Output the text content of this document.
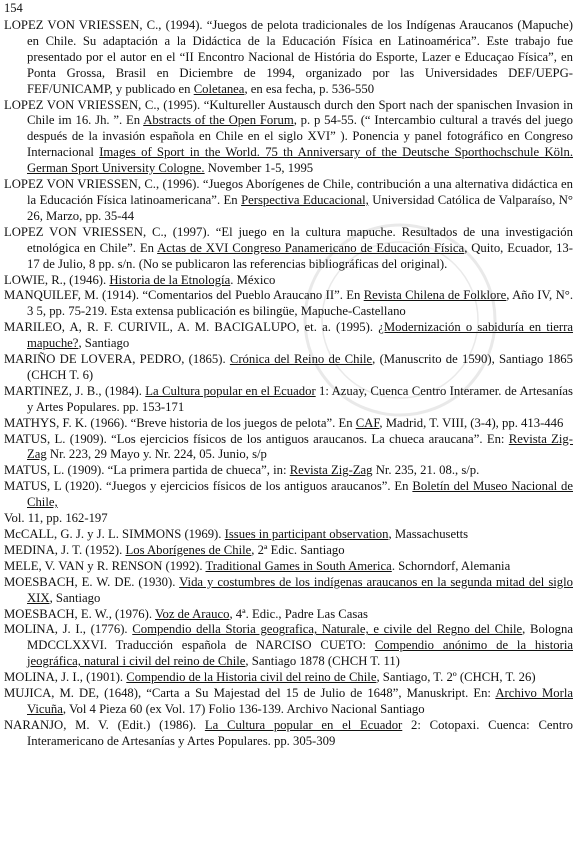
154

LOPEZ VON VRIESSEN, C., (1994). “Juegos de pelota tradicionales de los Indígenas Araucanos (Mapuche) en Chile. Su adaptación a la Didáctica de la Educación Física en Latinoamérica”. Este trabajo fue presentado por el autor en el “II Encontro Nacional de História do Esporte, Lazer e Educaçao Física”, en Ponta Grossa, Brasil en Diciembre de 1994, organizado por las Universidades DEF/UEPG-FEF/UNICAMP, y publicado en Coletanea, en esa fecha, p. 536-550

LOPEZ VON VRIESSEN, C., (1995). “Kultureller Austausch durch den Sport nach der spanischen Invasion in Chile im 16. Jh. ”. En Abstracts of the Open Forum, p. p 54-55. (“ Intercambio cultural a través del juego después de la invasión española en Chile en el siglo XVI” ). Ponencia y panel fotográfico en Congreso Internacional Images of Sport in the World. 75 th Anniversary of the Deutsche Sporthochschule Köln. German Sport University Cologne. November 1-5, 1995

LOPEZ VON VRIESSEN, C., (1996). “Juegos Aborígenes de Chile, contribución a una alternativa didáctica en la Educación Física latinoamericana”. En Perspectiva Educacional, Universidad Católica de Valparaíso, N° 26, Marzo, pp. 35-44

LOPEZ VON VRIESSEN, C., (1997). “El juego en la cultura mapuche. Resultados de una investigación etnológica en Chile”. En Actas de XVI Congreso Panamericano de Educación Física, Quito, Ecuador, 13-17 de Julio, 8 pp. s/n. (No se publicaron las referencias bibliográficas del original).

LOWIE, R., (1946). Historia de la Etnología. México

MANQUILEF, M. (1914). “Comentarios del Pueblo Araucano II”. En Revista Chilena de Folklore, Año IV, N°. 3 5, pp. 75-219. Esta extensa publicación es bilingüe, Mapuche-Castellano

MARILEO, A, R. F. CURIVIL, A. M. BACIGALUPO, et. a. (1995). ¿Modernización o sabiduría en tierra mapuche?, Santiago

MARIÑO DE LOVERA, PEDRO, (1865). Crónica del Reino de Chile, (Manuscrito de 1590), Santiago 1865 (CHCH T. 6)

MARTINEZ, J. B., (1984). La Cultura popular en el Ecuador 1: Azuay, Cuenca Centro Interamer. de Artesanías y Artes Populares. pp. 153-171

MATHYS, F. K. (1966). “Breve historia de los juegos de pelota”. En CAF, Madrid, T. VIII, (3-4), pp. 413-446

MATUS, L. (1909). “Los ejercicios físicos de los antiguos araucanos. La chueca araucana”. En: Revista Zig-Zag Nr. 223, 29 Mayo y. Nr. 224, 05. Junio, s/p

MATUS, L. (1909). “La primera partida de chueca”, in: Revista Zig-Zag Nr. 235, 21. 08., s/p.

MATUS, L (1920). “Juegos y ejercicios físicos de los antiguos araucanos”. En Boletín del Museo Nacional de Chile,

Vol. 11, pp. 162-197

McCALL, G. J. y J. L. SIMMONS (1969). Issues in participant observation, Massachusetts

MEDINA, J. T. (1952). Los Aborígenes de Chile, 2ª Edic. Santiago

MELE, V. VAN y R. RENSON (1992). Traditional Games in South America. Schorndorf, Alemania

MOESBACH, E. W. DE. (1930). Vida y costumbres de los indígenas araucanos en la segunda mitad del siglo XIX, Santiago

MOESBACH, E. W., (1976). Voz de Arauco, 4ª. Edic., Padre Las Casas

MOLINA, J. I., (1776). Compendio della Storia geografica, Naturale, e civile del Regno del Chile, Bologna MDCCLXXVI. Traducción española de NARCISO CUETO: Compendio anónimo de la historia jeográfica, natural i civil del reino de Chile, Santiago 1878 (CHCH T. 11)

MOLINA, J. I., (1901). Compendio de la Historia civil del reino de Chile, Santiago, T. 2º (CHCH, T. 26)

MUJICA, M. DE, (1648), “Carta a Su Majestad del 15 de Julio de 1648”, Manuskript. En: Archivo Morla Vicuña, Vol 4 Pieza 60 (ex Vol. 17) Folio 136-139. Archivo Nacional Santiago

NARANJO, M. V. (Edit.) (1986). La Cultura popular en el Ecuador 2: Cotopaxi. Cuenca: Centro Interamericano de Artesanías y Artes Populares. pp. 305-309
